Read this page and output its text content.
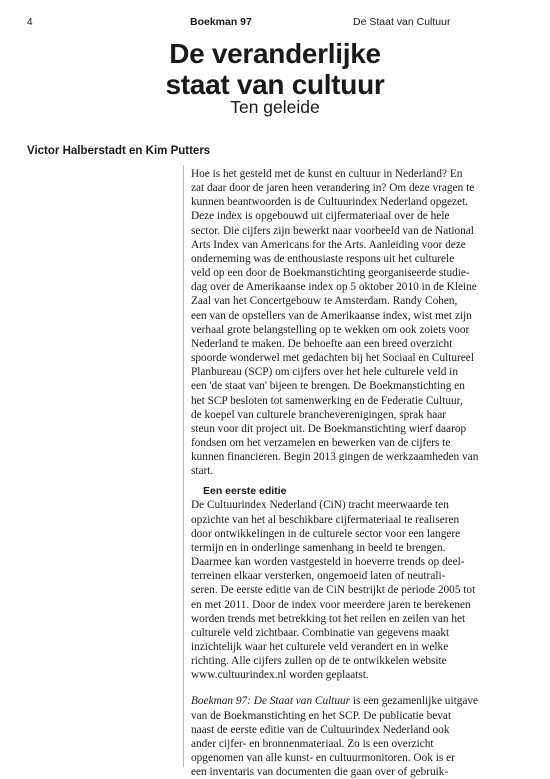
4	Boekman 97	De Staat van Cultuur
De veranderlijke
staat van cultuur
Ten geleide
Victor Halberstadt en Kim Putters

Hoe is het gesteld met de kunst en cultuur in Nederland? En
zat daar door de jaren heen verandering in? Om deze vragen te
kunnen beantwoorden is de Cultuurindex Nederland opgezet.
Deze index is opgebouwd uit cijfermateriaal over de hele
sector. Die cijfers zijn bewerkt naar voorbeeld van de National
Arts Index van Americans for the Arts. Aanleiding voor deze
onderneming was de enthousiaste respons uit het culturele
veld op een door de Boekmanstichting georganiseerde studie-
dag over de Amerikaanse index op 5 oktober 2010 in de Kleine
Zaal van het Concertgebouw te Amsterdam. Randy Cohen,
een van de opstellers van de Amerikaanse index, wist met zijn
verhaal grote belangstelling op te wekken om ook zoiets voor
Nederland te maken. De behoefte aan een breed overzicht
spoorde wonderwel met gedachten bij het Sociaal en Cultureel
Planbureau (SCP) om cijfers over het hele culturele veld in
een 'de staat van' bijeen te brengen. De Boekmanstichting en
het SCP besloten tot samenwerking en de Federatie Cultuur,
de koepel van culturele brancheverenigingen, sprak haar
steun voor dit project uit. De Boekmanstichting wierf daarop
fondsen om het verzamelen en bewerken van de cijfers te
kunnen financieren. Begin 2013 gingen de werkzaamheden van
start.

Een eerste editie

De Cultuurindex Nederland (CiN) tracht meerwaarde ten
opzichte van het al beschikbare cijfermateriaal te realiseren
door ontwikkelingen in de culturele sector voor een langere
termijn en in onderlinge samenhang in beeld te brengen.
Daarmee kan worden vastgesteld in hoeverre trends op deel-
terreinen elkaar versterken, ongemoeid laten of neutrali-
seren. De eerste editie van de CiN bestrijkt de periode 2005 tot
en met 2011. Door de index voor meerdere jaren te berekenen
worden trends met betrekking tot het reilen en zeilen van het
culturele veld zichtbaar. Combinatie van gegevens maakt
inzichtelijk waar het culturele veld verandert en in welke
richting. Alle cijfers zullen op de te ontwikkelen website
www.cultuurindex.nl worden geplaatst.

Boekman 97: De Staat van Cultuur is een gezamenlijke uitgave
van de Boekmanstichting en het SCP. De publicatie bevat
naast de eerste editie van de Cultuurindex Nederland ook
ander cijfer- en bronnenmateriaal. Zo is een overzicht
opgenomen van alle kunst- en cultuurmonitoren. Ook is er
een inventaris van documenten die gaan over of gebruik-
